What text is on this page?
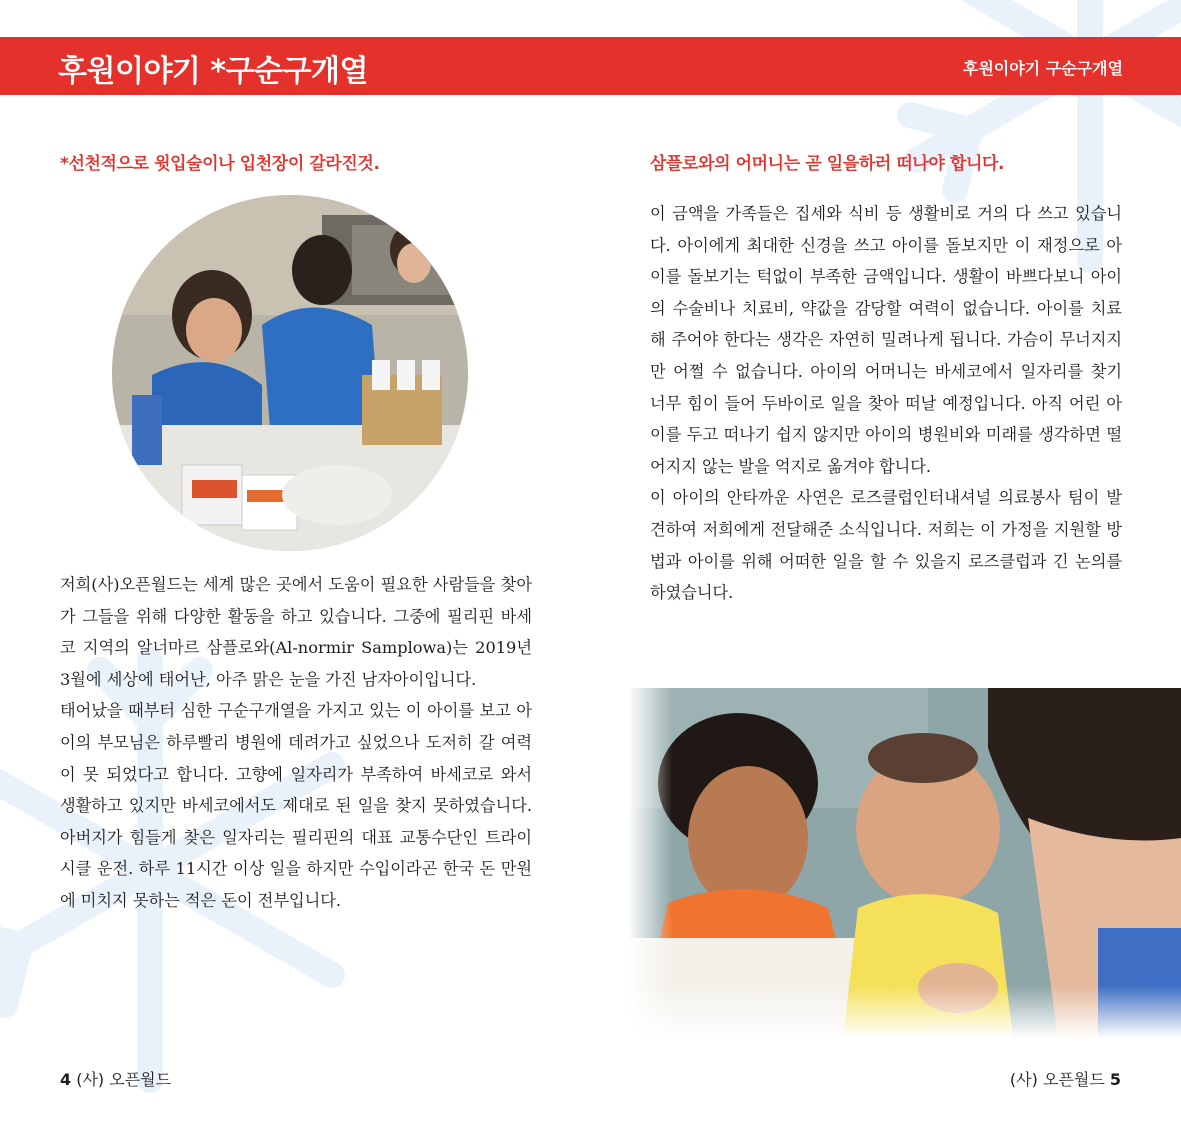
후원이야기 *구순구개열	후원이야기 구순구개열
*선천적으로 윗입술이나 입천장이 갈라진것.

저희(사)오픈월드는 세계 많은 곳에서 도움이 필요한 사람들을 찾아가 그들을 위해 다양한 활동을 하고 있습니다. 그중에 필리핀 바세코 지역의 알너마르 삼플로와(Al-normir Samplowa)는 2019년 3월에 세상에 태어난, 아주 맑은 눈을 가진 남자아이입니다.

태어났을 때부터 심한 구순구개열을 가지고 있는 이 아이를 보고 아이의 부모님은 하루빨리 병원에 데려가고 싶었으나 도저히 갈 여력이 못 되었다고 합니다. 고향에 일자리가 부족하여 바세코로 와서 생활하고 있지만 바세코에서도 제대로 된 일을 찾지 못하였습니다. 아버지가 힘들게 찾은 일자리는 필리핀의 대표 교통수단인 트라이시클 운전. 하루 11시간 이상 일을 하지만 수입이라곤 한국 돈 만원에 미치지 못하는 적은 돈이 전부입니다.

4 (사) 오픈월드
삼플로와의 어머니는 곧 일을하러 떠나야 합니다.

이 금액을 가족들은 집세와 식비 등 생활비로 거의 다 쓰고 있습니다. 아이에게 최대한 신경을 쓰고 아이를 돌보지만 이 재정으로 아이를 돌보기는 턱없이 부족한 금액입니다. 생활이 바쁘다보니 아이의 수술비나 치료비, 약값을 감당할 여력이 없습니다. 아이를 치료해 주어야 한다는 생각은 자연히 밀려나게 됩니다. 가슴이 무너지지만 어쩔 수 없습니다. 아이의 어머니는 바세코에서 일자리를 찾기 너무 힘이 들어 두바이로 일을 찾아 떠날 예정입니다. 아직 어린 아이를 두고 떠나기 쉽지 않지만 아이의 병원비와 미래를 생각하면 떨어지지 않는 발을 억지로 옮겨야 합니다.

이 아이의 안타까운 사연은 로즈클럽인터내셔널 의료봉사 팀이 발견하여 저희에게 전달해준 소식입니다. 저희는 이 가정을 지원할 방법과 아이를 위해 어떠한 일을 할 수 있을지 로즈클럽과 긴 논의를 하였습니다.

(사) 오픈월드 5
